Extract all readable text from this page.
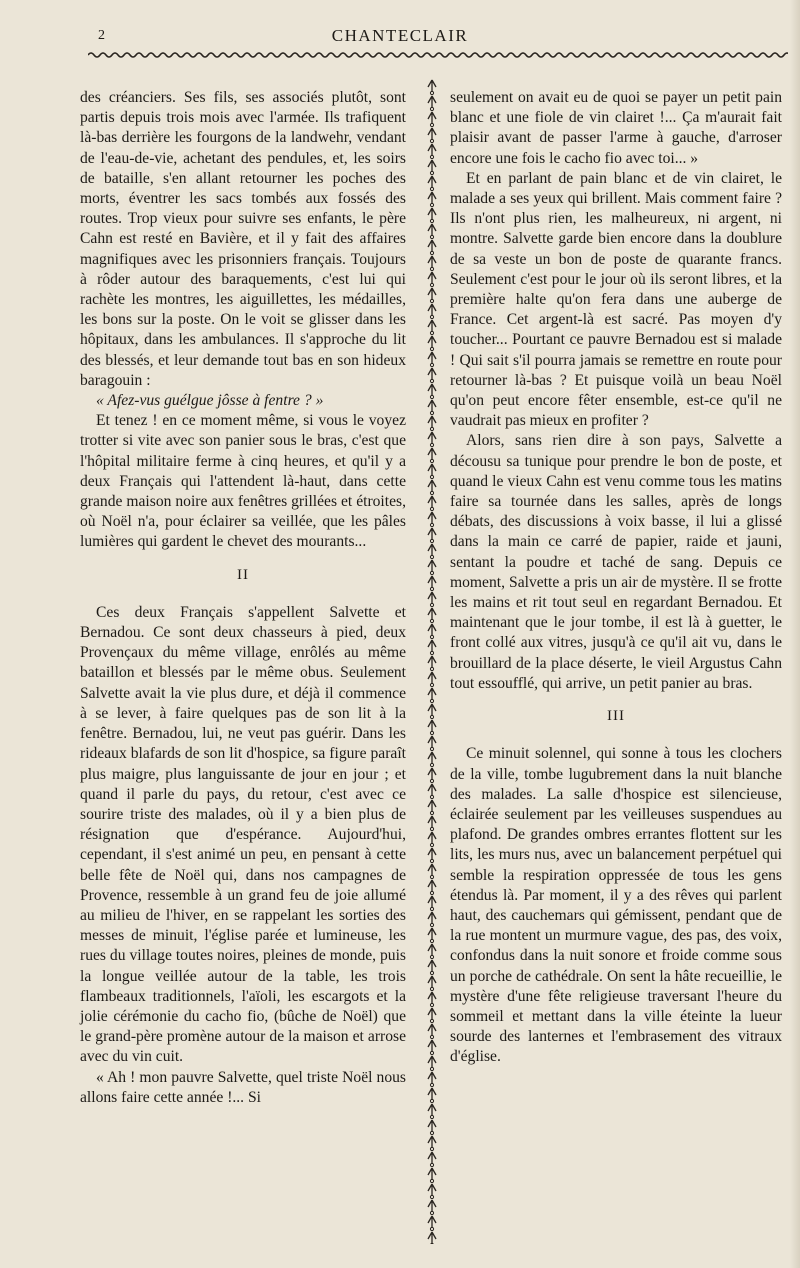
2	CHANTECLAIR

des créanciers. Ses fils, ses associés plutôt, sont partis depuis trois mois avec l'armée. Ils trafiquent là-bas derrière les fourgons de la landwehr, vendant de l'eau-de-vie, achetant des pendules, et, les soirs de bataille, s'en allant retourner les poches des morts, éventrer les sacs tombés aux fossés des routes. Trop vieux pour suivre ses enfants, le père Cahn est resté en Bavière, et il y fait des affaires magnifiques avec les prisonniers français. Toujours à rôder autour des baraquements, c'est lui qui rachète les montres, les aiguillettes, les médailles, les bons sur la poste. On le voit se glisser dans les hôpitaux, dans les ambulances. Il s'approche du lit des blessés, et leur demande tout bas en son hideux baragouin :

« Afez-vus guélgue jôsse à fentre ? »

Et tenez ! en ce moment même, si vous le voyez trotter si vite avec son panier sous le bras, c'est que l'hôpital militaire ferme à cinq heures, et qu'il y a deux Français qui l'attendent là-haut, dans cette grande maison noire aux fenêtres grillées et étroites, où Noël n'a, pour éclairer sa veillée, que les pâles lumières qui gardent le chevet des mourants...

II

Ces deux Français s'appellent Salvette et Bernadou. Ce sont deux chasseurs à pied, deux Provençaux du même village, enrôlés au même bataillon et blessés par le même obus. Seulement Salvette avait la vie plus dure, et déjà il commence à se lever, à faire quelques pas de son lit à la fenêtre. Bernadou, lui, ne veut pas guérir. Dans les rideaux blafards de son lit d'hospice, sa figure paraît plus maigre, plus languissante de jour en jour ; et quand il parle du pays, du retour, c'est avec ce sourire triste des malades, où il y a bien plus de résignation que d'espérance. Aujourd'hui, cependant, il s'est animé un peu, en pensant à cette belle fête de Noël qui, dans nos campagnes de Provence, ressemble à un grand feu de joie allumé au milieu de l'hiver, en se rappelant les sorties des messes de minuit, l'église parée et lumineuse, les rues du village toutes noires, pleines de monde, puis la longue veillée autour de la table, les trois flambeaux traditionnels, l'aïoli, les escargots et la jolie cérémonie du cacho fio, (bûche de Noël) que le grand-père promène autour de la maison et arrose avec du vin cuit.

« Ah ! mon pauvre Salvette, quel triste Noël nous allons faire cette année !... Si

seulement on avait eu de quoi se payer un petit pain blanc et une fiole de vin clairet !... Ça m'aurait fait plaisir avant de passer l'arme à gauche, d'arroser encore une fois le cacho fio avec toi... »

Et en parlant de pain blanc et de vin clairet, le malade a ses yeux qui brillent. Mais comment faire ? Ils n'ont plus rien, les malheureux, ni argent, ni montre. Salvette garde bien encore dans la doublure de sa veste un bon de poste de quarante francs. Seulement c'est pour le jour où ils seront libres, et la première halte qu'on fera dans une auberge de France. Cet argent-là est sacré. Pas moyen d'y toucher... Pourtant ce pauvre Bernadou est si malade ! Qui sait s'il pourra jamais se remettre en route pour retourner là-bas ? Et puisque voilà un beau Noël qu'on peut encore fêter ensemble, est-ce qu'il ne vaudrait pas mieux en profiter ?

Alors, sans rien dire à son pays, Salvette a décousu sa tunique pour prendre le bon de poste, et quand le vieux Cahn est venu comme tous les matins faire sa tournée dans les salles, après de longs débats, des discussions à voix basse, il lui a glissé dans la main ce carré de papier, raide et jauni, sentant la poudre et taché de sang. Depuis ce moment, Salvette a pris un air de mystère. Il se frotte les mains et rit tout seul en regardant Bernadou. Et maintenant que le jour tombe, il est là à guetter, le front collé aux vitres, jusqu'à ce qu'il ait vu, dans le brouillard de la place déserte, le vieil Argustus Cahn tout essoufflé, qui arrive, un petit panier au bras.

III

Ce minuit solennel, qui sonne à tous les clochers de la ville, tombe lugubrement dans la nuit blanche des malades. La salle d'hospice est silencieuse, éclairée seulement par les veilleuses suspendues au plafond. De grandes ombres errantes flottent sur les lits, les murs nus, avec un balancement perpétuel qui semble la respiration oppressée de tous les gens étendus là. Par moment, il y a des rêves qui parlent haut, des cauchemars qui gémissent, pendant que de la rue montent un murmure vague, des pas, des voix, confondus dans la nuit sonore et froide comme sous un porche de cathédrale. On sent la hâte recueillie, le mystère d'une fête religieuse traversant l'heure du sommeil et mettant dans la ville éteinte la lueur sourde des lanternes et l'embrasement des vitraux d'église.
